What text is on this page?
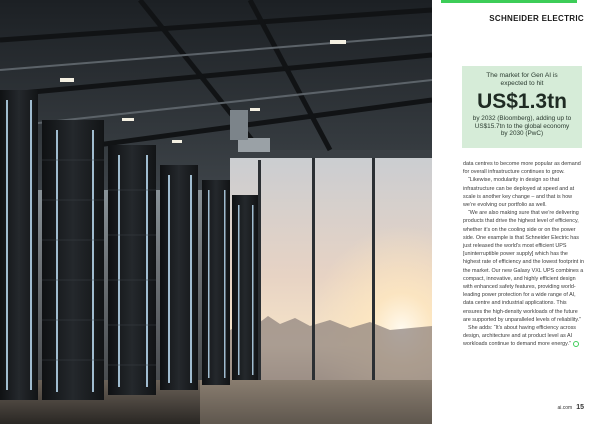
SCHNEIDER ELECTRIC
The market for Gen AI is expected to hit
US$1.3tn
by 2032 (Bloomberg), adding up to US$15.7tn to the global economy by 2030 (PwC)

data centres to become more popular as demand for overall infrastructure continues to grow.

“Likewise, modularity in design so that infrastructure can be deployed at speed and at scale is another key change – and that is how we’re evolving our portfolio as well.

“We are also making sure that we’re delivering products that drive the highest level of efficiency, whether it’s on the cooling side or on the power side. One example is that Schneider Electric has just released the world’s most efficient UPS [uninterruptible power supply] which has the highest rate of efficiency and the lowest footprint in the market. Our new Galaxy VXL UPS combines a compact, innovative, and highly efficient design with enhanced safety features, providing world-leading power protection for a wide range of AI, data centre and industrial applications. This ensures the high-density workloads of the future are supported by unparalleled levels of reliability.”

She adds: “It’s about having efficiency across design, architecture and at product level as AI workloads continue to demand more energy.”

ai.com 15
